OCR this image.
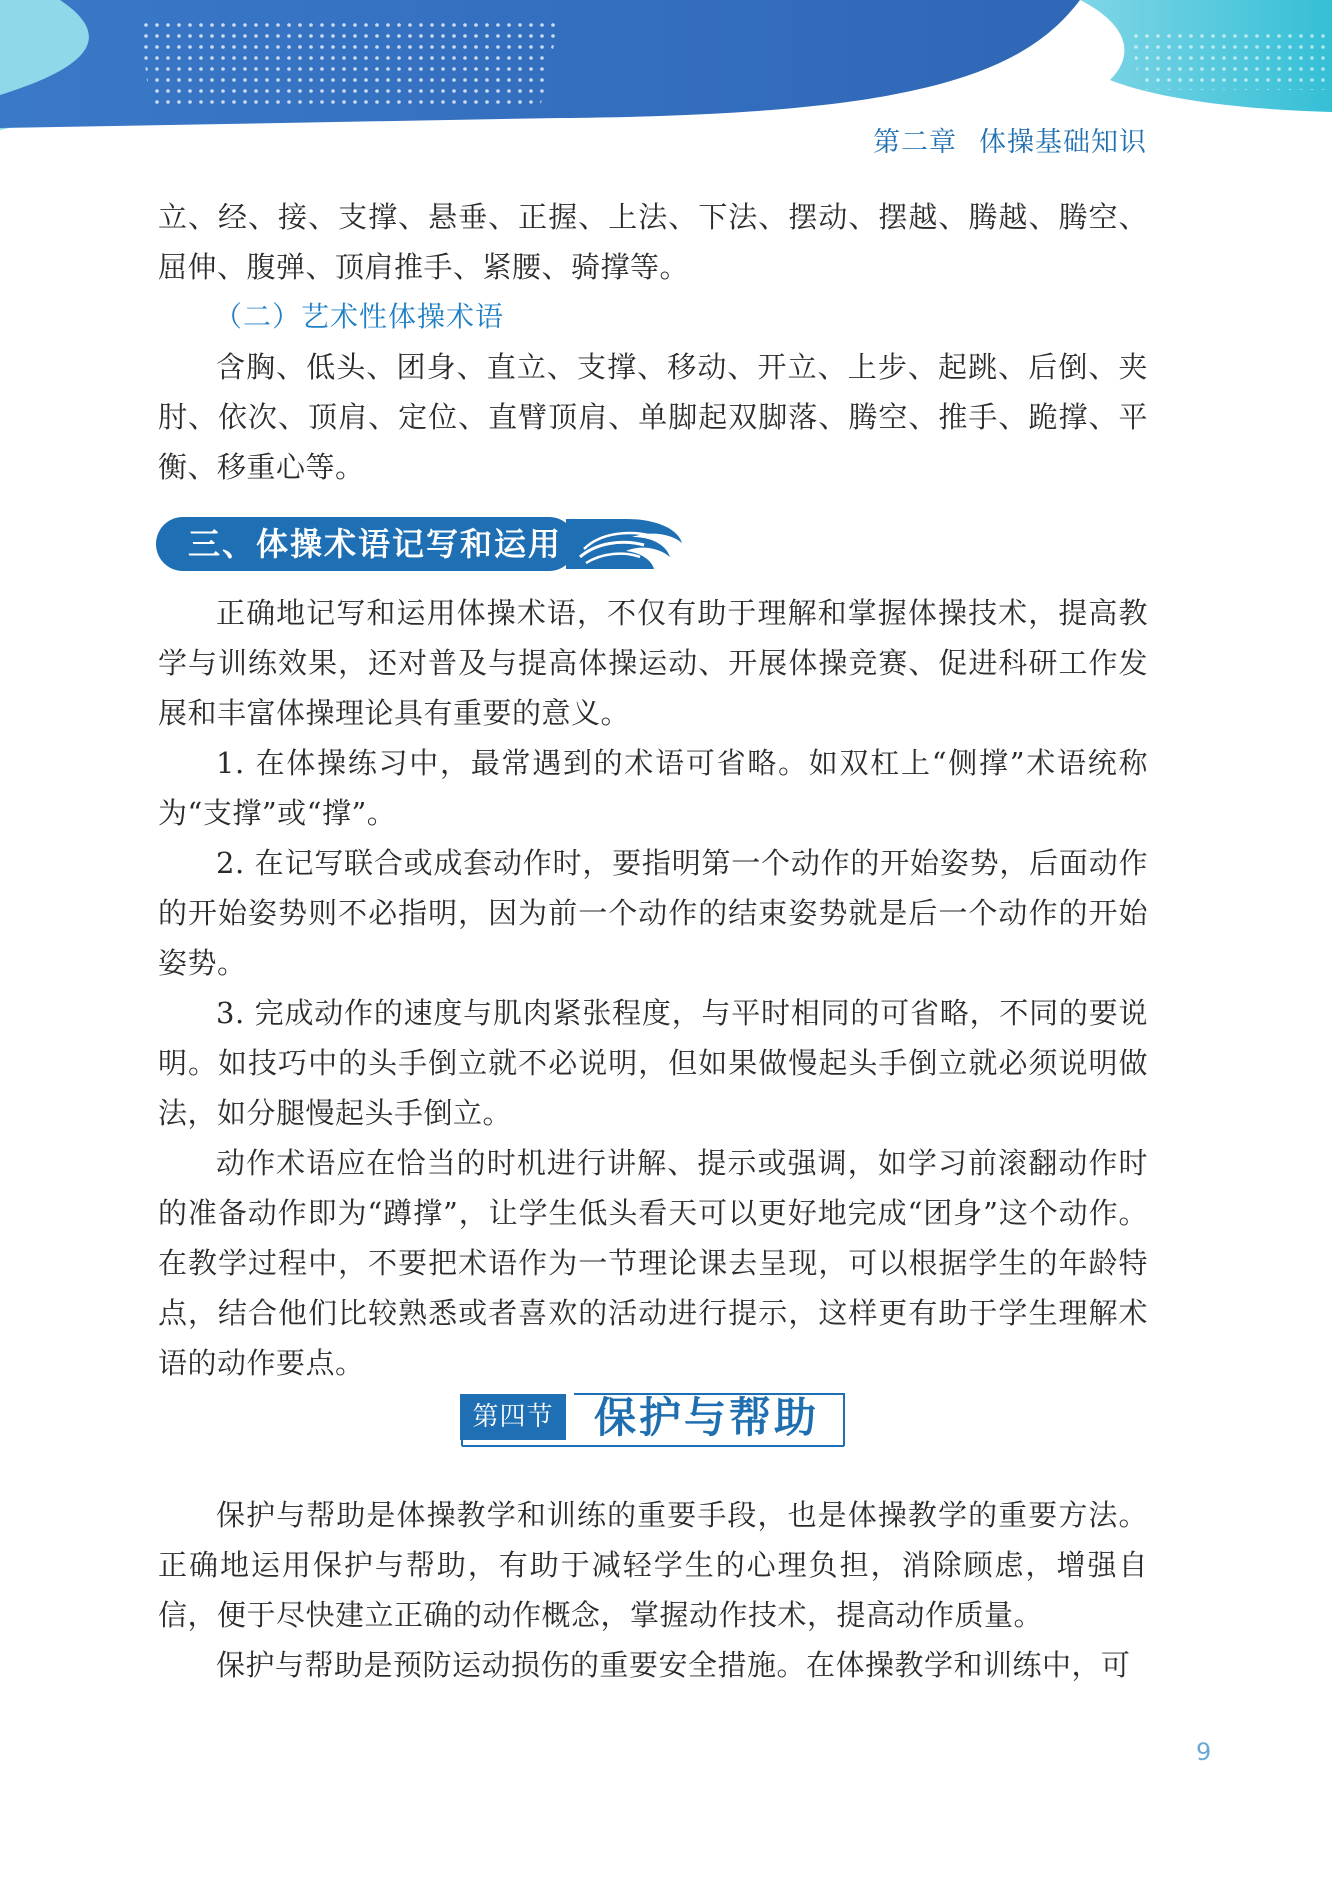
第二章 体操基础知识

立、经、接、支撑、悬垂、正握、上法、下法、摆动、摆越、腾越、腾空、屈伸、腹弹、顶肩推手、紧腰、骑撑等。

（二）艺术性体操术语

含胸、低头、团身、直立、支撑、移动、开立、上步、起跳、后倒、夹肘、依次、顶肩、定位、直臂顶肩、单脚起双脚落、腾空、推手、跪撑、平衡、移重心等。

三、体操术语记写和运用

正确地记写和运用体操术语，不仅有助于理解和掌握体操技术，提高教学与训练效果，还对普及与提高体操运动、开展体操竞赛、促进科研工作发展和丰富体操理论具有重要的意义。

1. 在体操练习中，最常遇到的术语可省略。如双杠上“侧撑”术语统称为“支撑”或“撑”。

2. 在记写联合或成套动作时，要指明第一个动作的开始姿势，后面动作的开始姿势则不必指明，因为前一个动作的结束姿势就是后一个动作的开始姿势。

3. 完成动作的速度与肌肉紧张程度，与平时相同的可省略，不同的要说明。如技巧中的头手倒立就不必说明，但如果做慢起头手倒立就必须说明做法，如分腿慢起头手倒立。

动作术语应在恰当的时机进行讲解、提示或强调，如学习前滚翻动作时的准备动作即为“蹲撑”，让学生低头看天可以更好地完成“团身”这个动作。在教学过程中，不要把术语作为一节理论课去呈现，可以根据学生的年龄特点，结合他们比较熟悉或者喜欢的活动进行提示，这样更有助于学生理解术语的动作要点。

第四节 保护与帮助

保护与帮助是体操教学和训练的重要手段，也是体操教学的重要方法。正确地运用保护与帮助，有助于减轻学生的心理负担，消除顾虑，增强自信，便于尽快建立正确的动作概念，掌握动作技术，提高动作质量。

保护与帮助是预防运动损伤的重要安全措施。在体操教学和训练中，可

9
